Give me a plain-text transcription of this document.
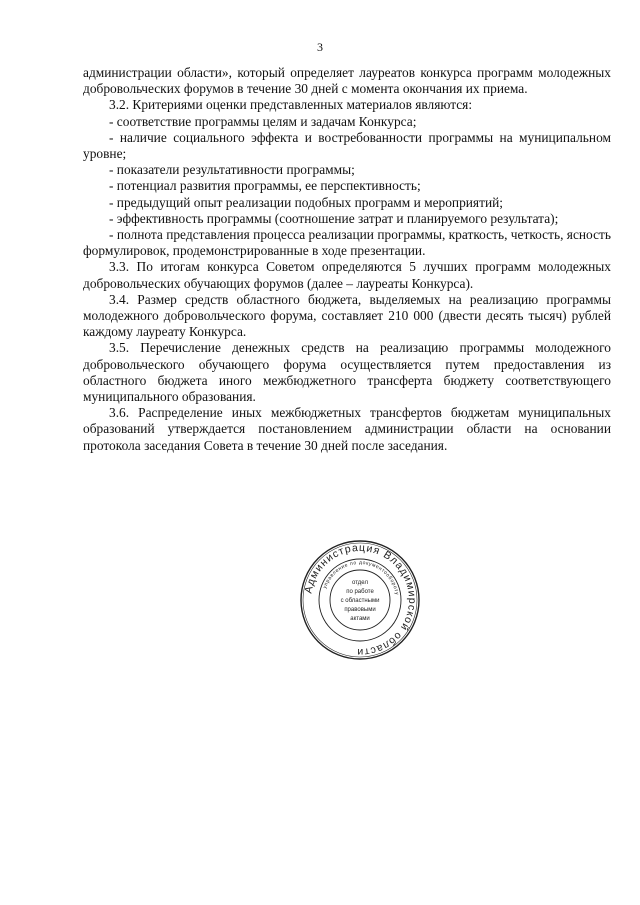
3

администрации области», который определяет лауреатов конкурса программ молодежных добровольческих форумов в течение 30 дней с момента окончания их приема.

3.2. Критериями оценки представленных материалов являются:

- соответствие программы целям и задачам Конкурса;

- наличие социального эффекта и востребованности программы на муниципальном уровне;

- показатели результативности программы;

- потенциал развития программы, ее перспективность;

- предыдущий опыт реализации подобных программ и мероприятий;

- эффективность программы (соотношение затрат и планируемого результата);

- полнота представления процесса реализации программы, краткость, четкость, ясность формулировок, продемонстрированные в ходе презентации.

3.3. По итогам конкурса Советом определяются 5 лучших программ молодежных добровольческих обучающих форумов (далее – лауреаты Конкурса).

3.4. Размер средств областного бюджета, выделяемых на реализацию программы молодежного добровольческого форума, составляет 210 000 (двести десять тысяч) рублей каждому лауреату Конкурса.

3.5. Перечисление денежных средств на реализацию программы молодежного добровольческого обучающего форума осуществляется путем предоставления из областного бюджета иного межбюджетного трансферта бюджету соответствующего муниципального образования.

3.6. Распределение иных межбюджетных трансфертов бюджетам муниципальных образований утверждается постановлением администрации области на основании протокола заседания Совета в течение 30 дней после заседания.

Администрация Владимирской области
управление по документообороту
отдел
по работе
с областными
правовыми
актами
